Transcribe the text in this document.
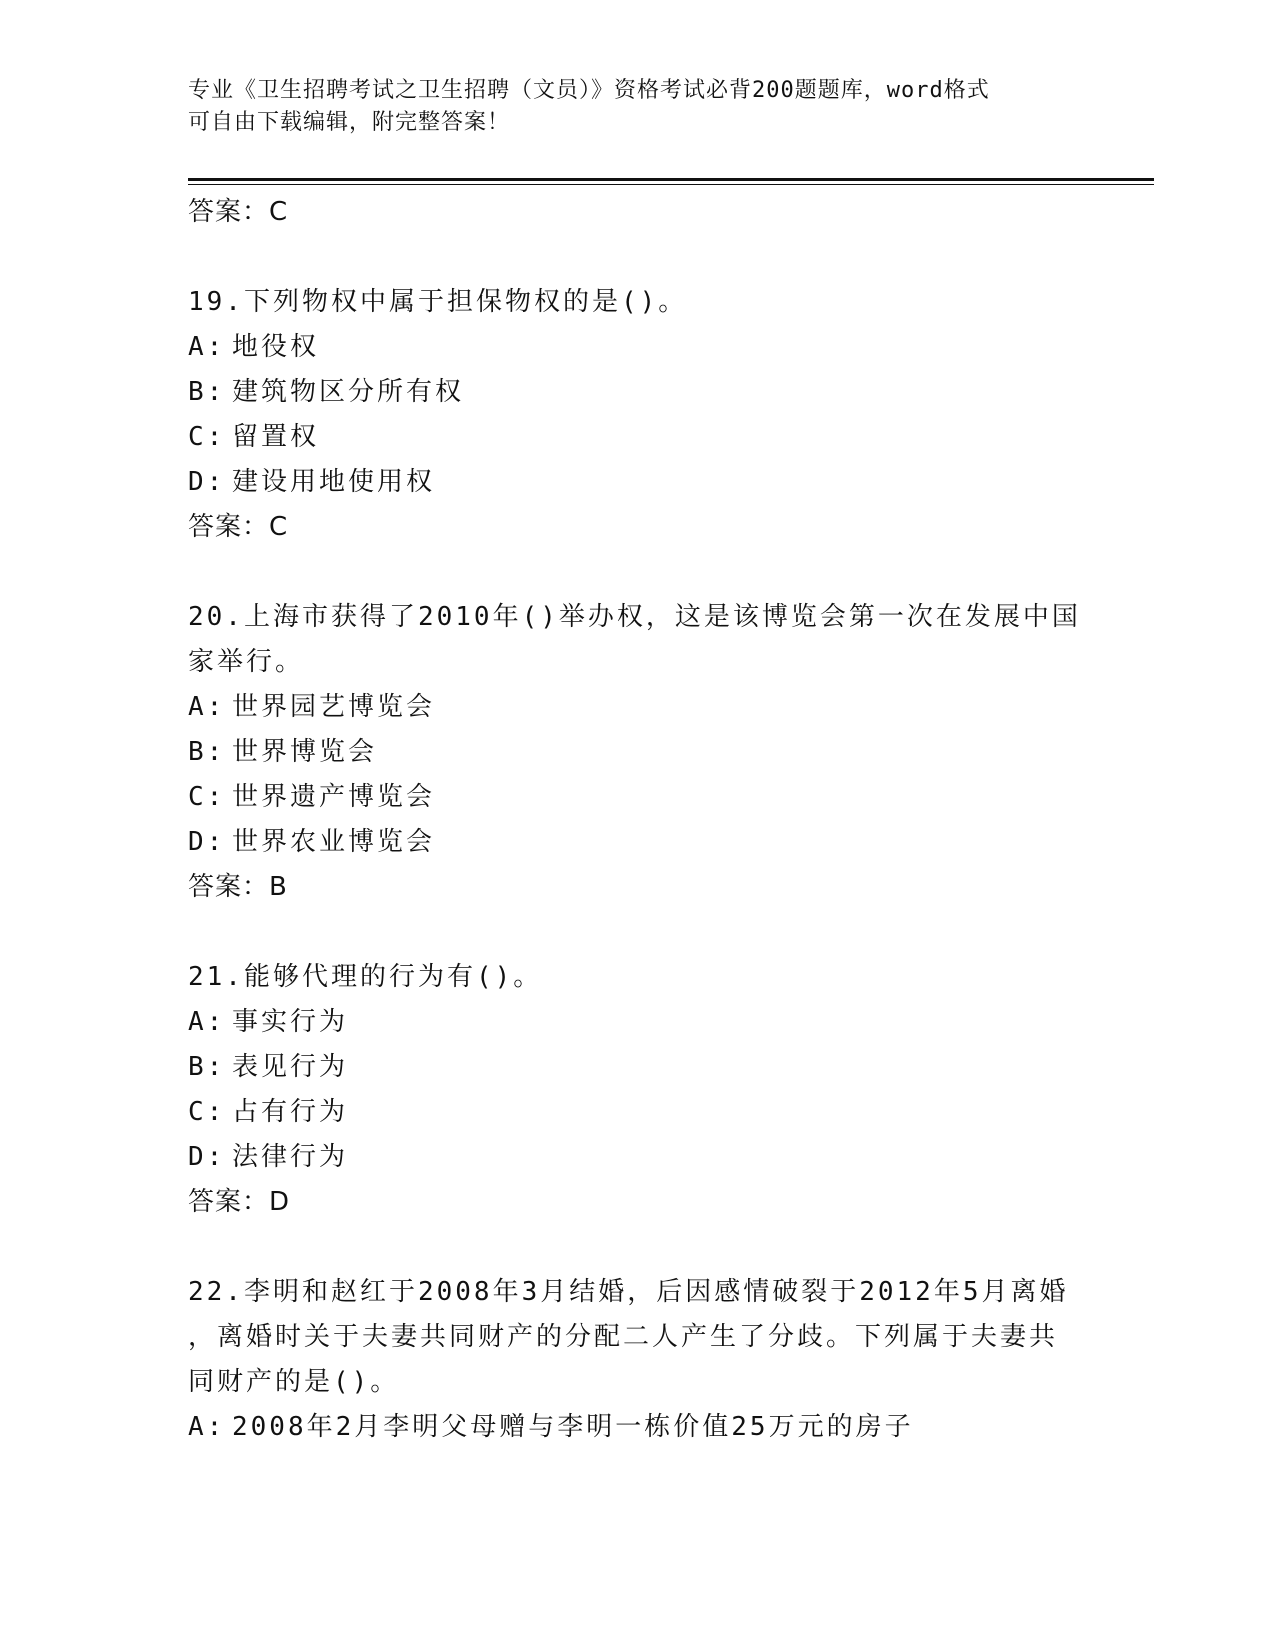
专业《卫生招聘考试之卫生招聘（文员）》资格考试必背200题题库，word格式
可自由下载编辑，附完整答案！
答案：C
19.下列物权中属于担保物权的是()。
A: 地役权
B: 建筑物区分所有权
C: 留置权
D: 建设用地使用权
答案：C
20.上海市获得了2010年()举办权，这是该博览会第一次在发展中国
家举行。
A: 世界园艺博览会
B: 世界博览会
C: 世界遗产博览会
D: 世界农业博览会
答案：B
21.能够代理的行为有()。
A: 事实行为
B: 表见行为
C: 占有行为
D: 法律行为
答案：D
22.李明和赵红于2008年3月结婚，后因感情破裂于2012年5月离婚
，离婚时关于夫妻共同财产的分配二人产生了分歧。下列属于夫妻共
同财产的是()。
A: 2008年2月李明父母赠与李明一栋价值25万元的房子
